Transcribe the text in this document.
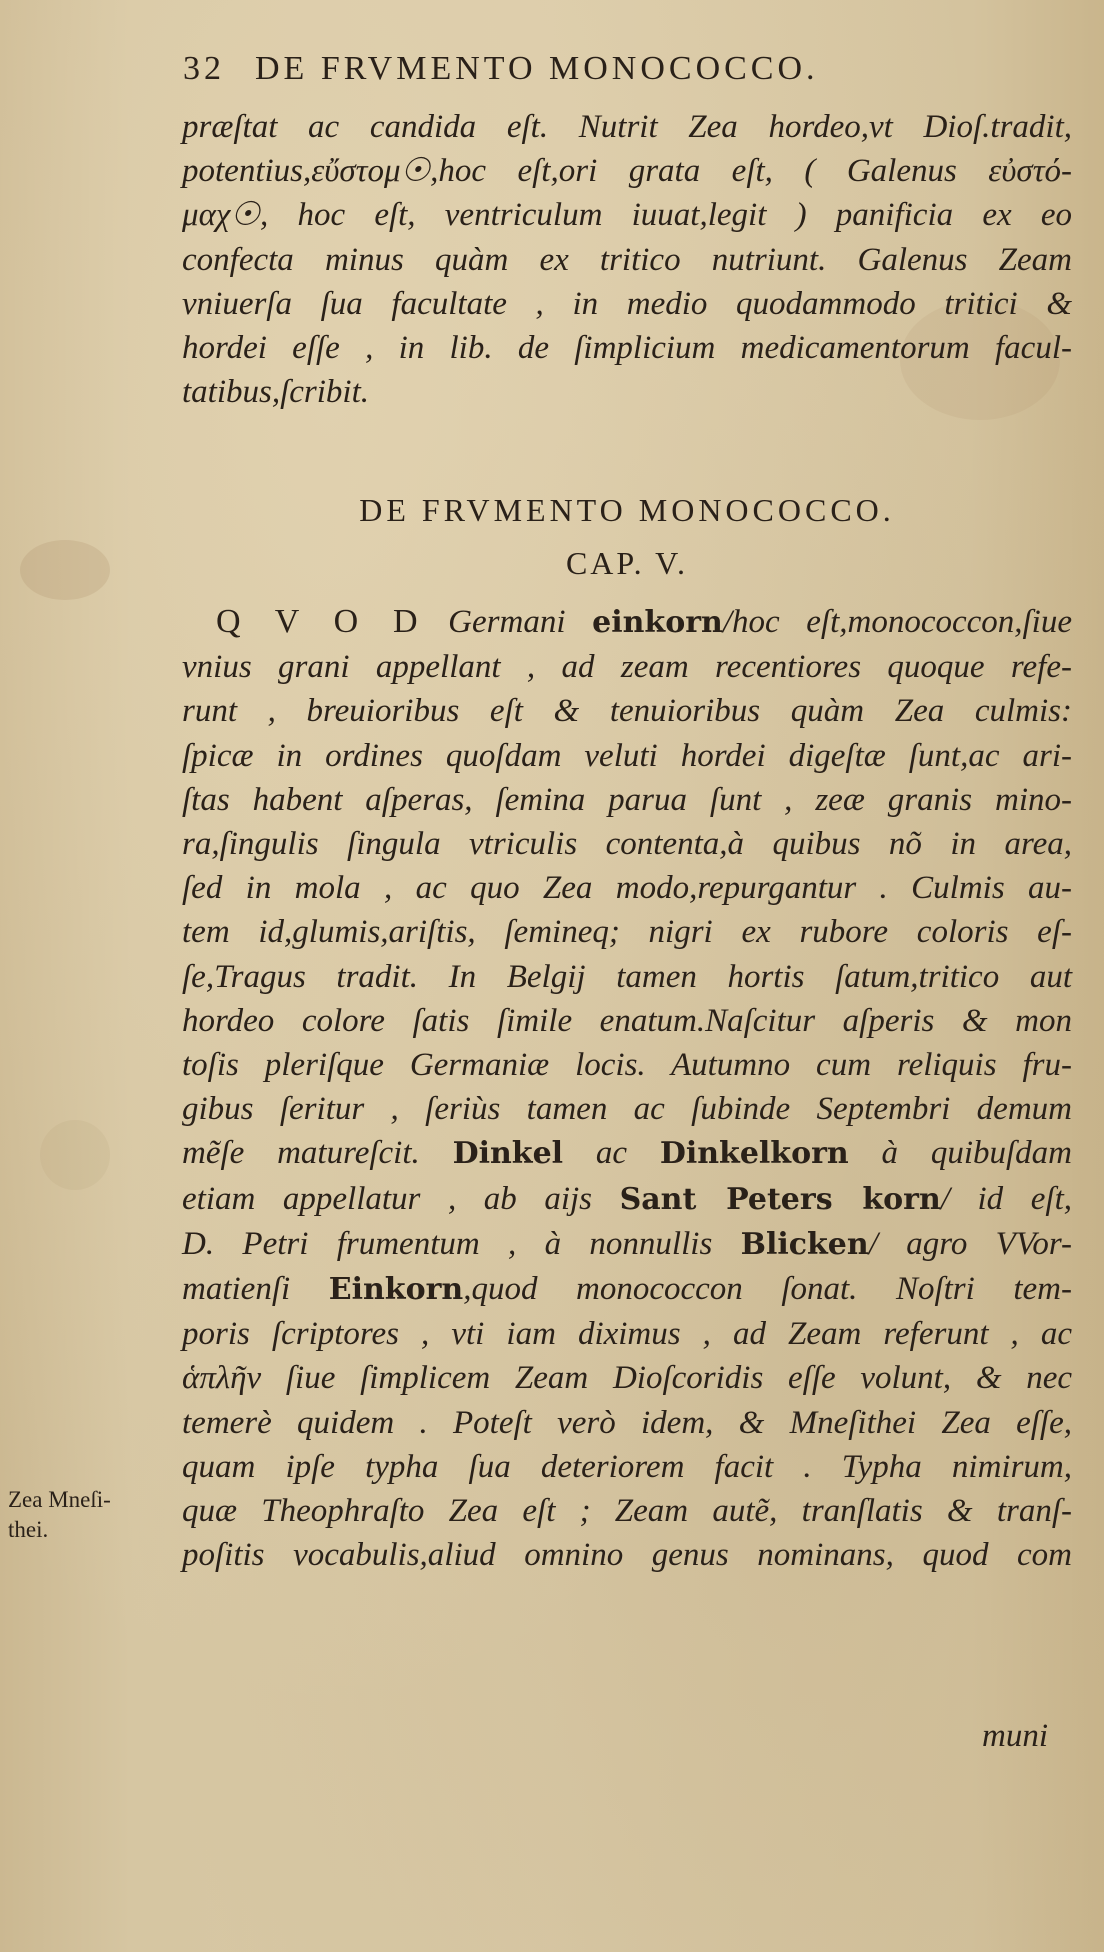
32 DE FRVMENTO MONOCOCCO.
præſtat ac candida eſt. Nutrit Zea hordeo,vt Dioſ.tradit,
potentius,εὔστομ☉,hoc eſt,ori grata eſt, ( Galenus εὐστό-
μαχ☉, hoc eſt, ventriculum iuuat,legit ) panificia ex eo
confecta minus quàm ex tritico nutriunt. Galenus Zeam
vniuerſa ſua facultate , in medio quodammodo tritici &
hordei eſſe , in lib. de ſimplicium medicamentorum facul-
tatibus,ſcribit.
DE FRVMENTO MONOCOCCO.
CAP. V.
Q V O D Germani einkorn/hoc eſt,monococcon,ſiue
vnius grani appellant , ad zeam recentiores quoque refe-
runt , breuioribus eſt & tenuioribus quàm Zea culmis:
ſpicæ in ordines quoſdam veluti hordei digeſtæ ſunt,ac ari-
ſtas habent aſperas, ſemina parua ſunt , zeæ granis mino-
ra,ſingulis ſingula vtriculis contenta,à quibus nõ in area,
ſed in mola , ac quo Zea modo,repurgantur . Culmis au-
tem id,glumis,ariſtis, ſemineq; nigri ex rubore coloris eſ-
ſe,Tragus tradit. In Belgij tamen hortis ſatum,tritico aut
hordeo colore ſatis ſimile enatum.Naſcitur aſperis & mon
toſis pleriſque Germaniæ locis. Autumno cum reliquis fru-
gibus ſeritur , ſeriùs tamen ac ſubinde Septembri demum
mẽſe matureſcit. Dinkel ac Dinkelkorn à quibuſdam
etiam appellatur , ab aijs Sant Peters korn/ id eſt,
D. Petri frumentum , à nonnullis Blicken/ agro VVor-
matienſi Einkorn,quod monococcon ſonat. Noſtri tem-
poris ſcriptores , vti iam diximus , ad Zeam referunt , ac
ἁπλῆν ſiue ſimplicem Zeam Dioſcoridis eſſe volunt, & nec
temerè quidem . Poteſt verò idem, & Mneſithei Zea eſſe,
quam ipſe typha ſua deteriorem facit . Typha nimirum,
quæ Theophraſto Zea eſt ; Zeam autẽ, tranſlatis & tranſ-
poſitis vocabulis,aliud omnino genus nominans, quod com
Zea Mneſi-
thei.
muni
